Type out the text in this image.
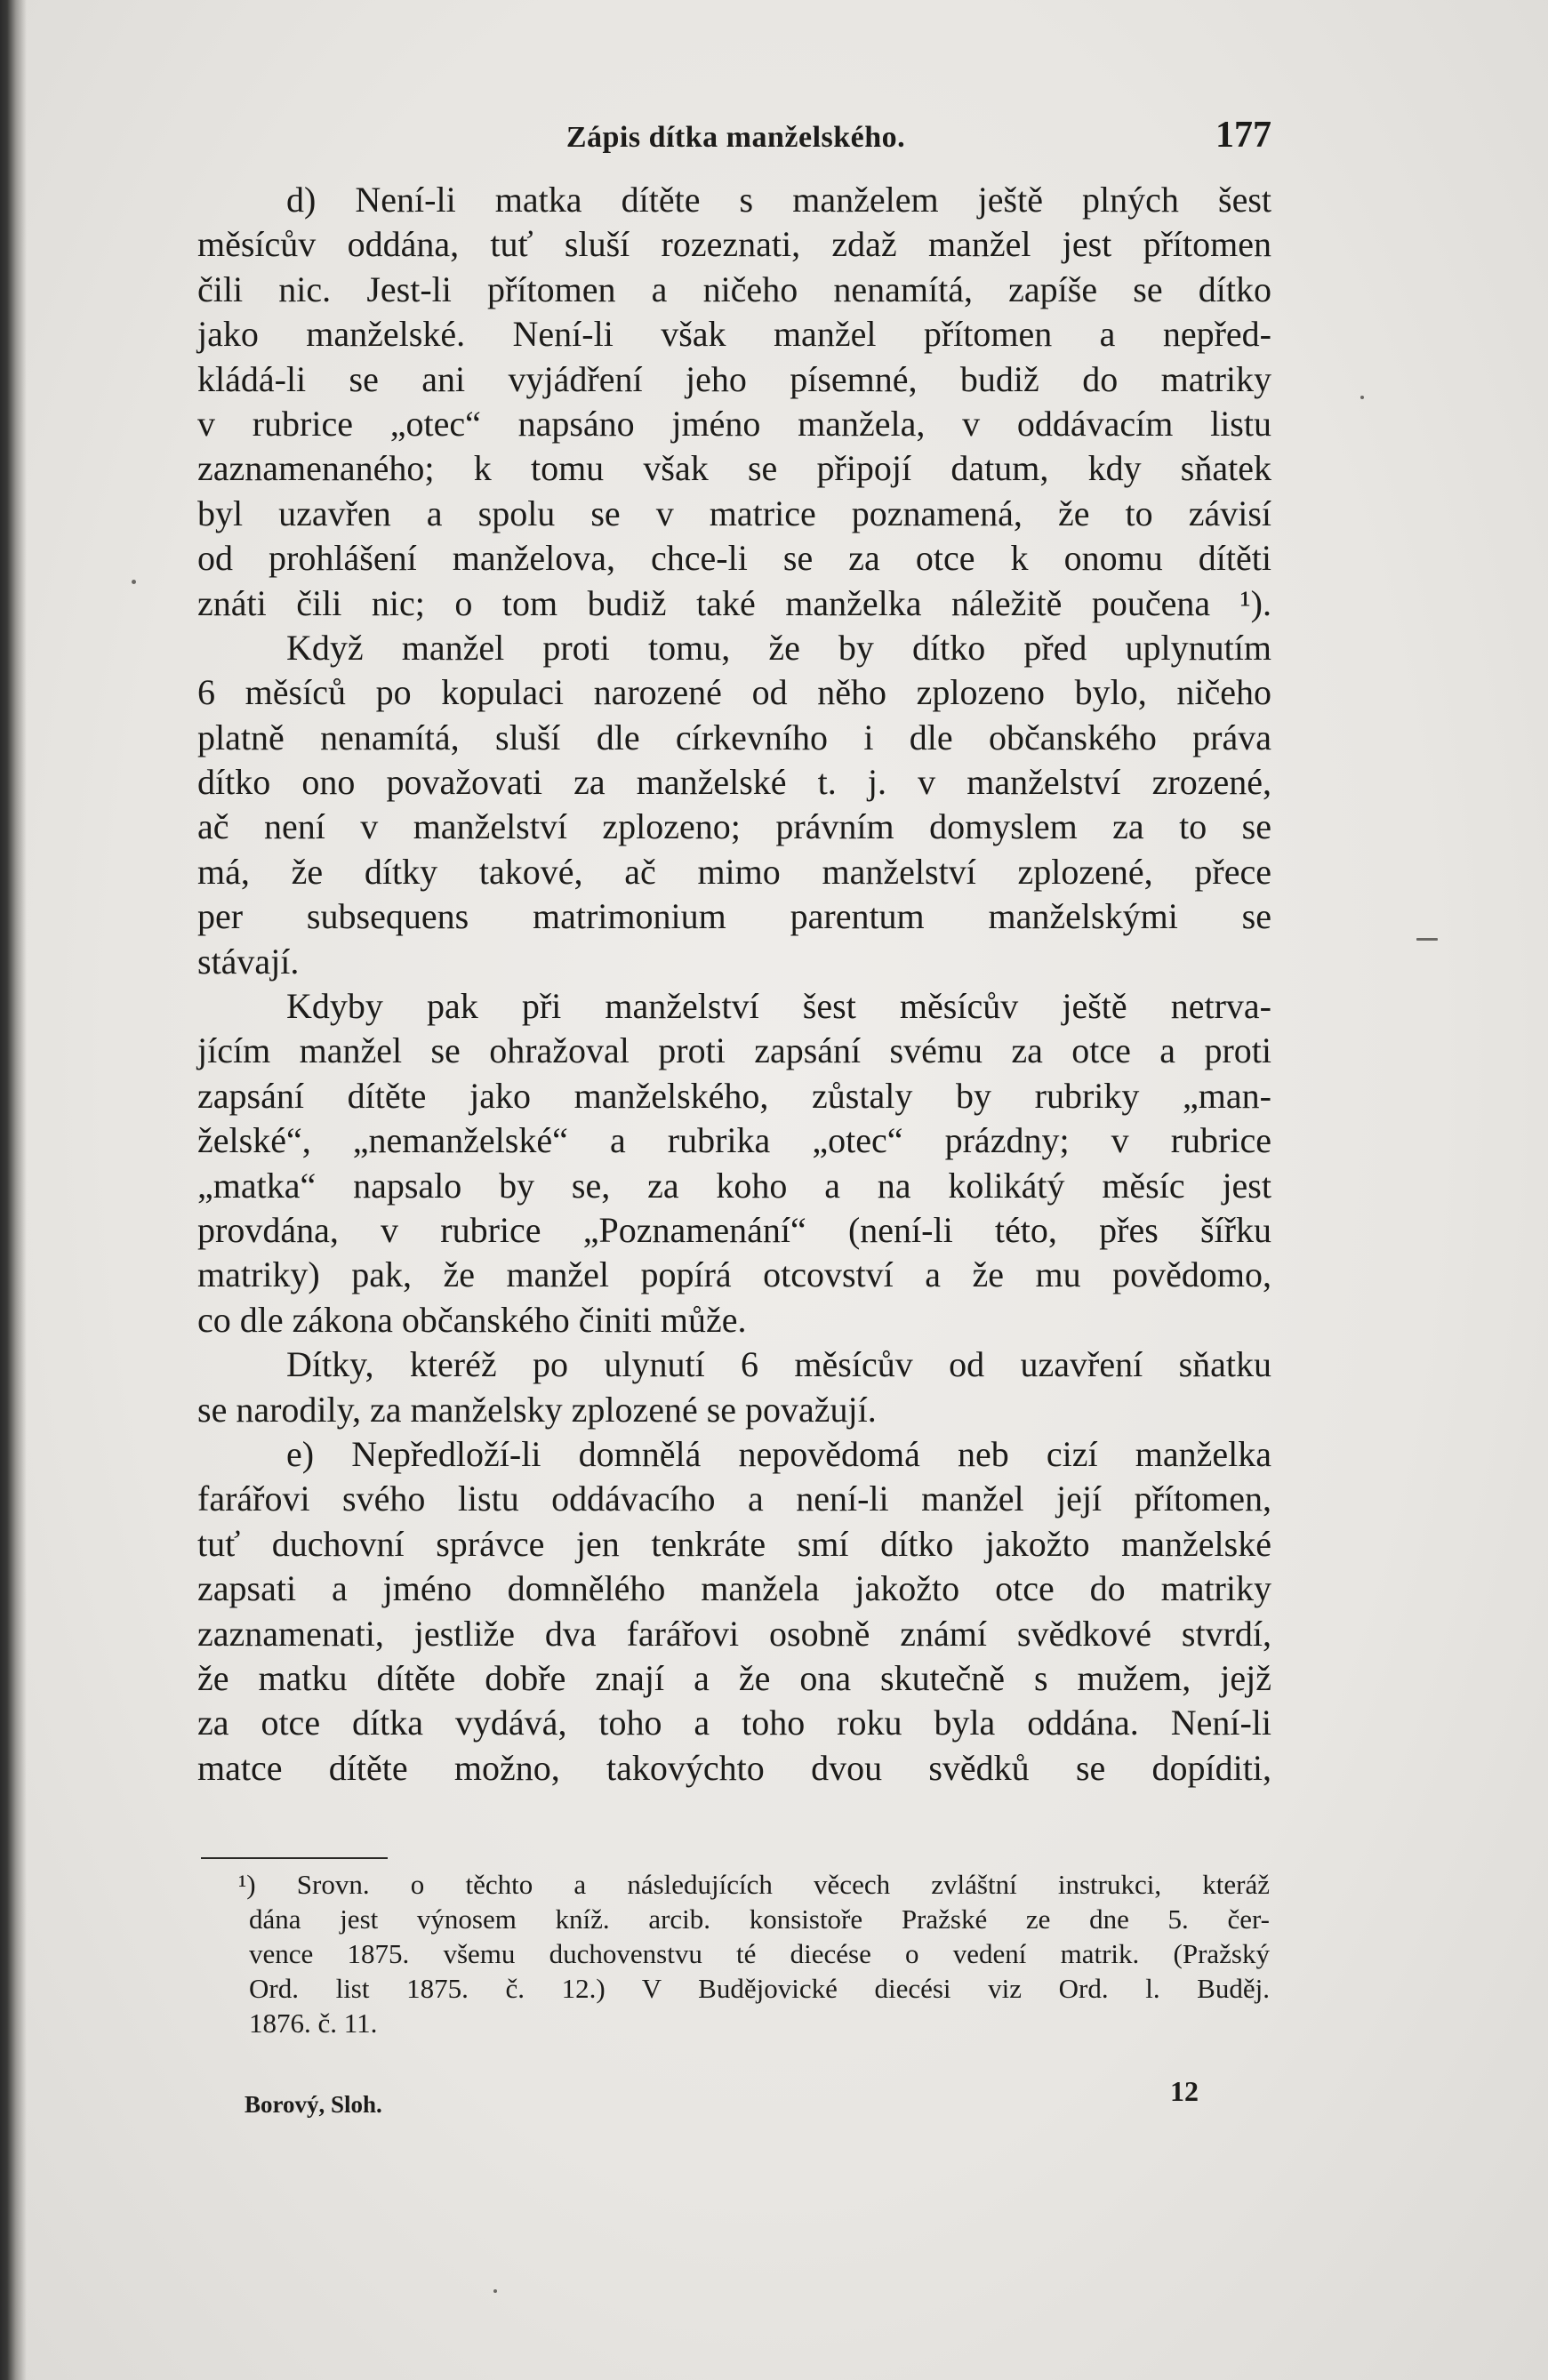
Zápis dítka manželského.	177
d) Není-li matka dítěte s manželem ještě plných šest
měsícův oddána, tuť sluší rozeznati, zdaž manžel jest přítomen
čili nic. Jest-li přítomen a ničeho nenamítá, zapíše se dítko
jako manželské. Není-li však manžel přítomen a nepřed-
kládá-li se ani vyjádření jeho písemné, budiž do matriky
v rubrice „otec“ napsáno jméno manžela, v oddávacím listu
zaznamenaného; k tomu však se připojí datum, kdy sňatek
byl uzavřen a spolu se v matrice poznamená, že to závisí
od prohlášení manželova, chce-li se za otce k onomu dítěti
znáti čili nic; o tom budiž také manželka náležitě poučena ¹).
Když manžel proti tomu, že by dítko před uplynutím
6 měsíců po kopulaci narozené od něho zplozeno bylo, ničeho
platně nenamítá, sluší dle církevního i dle občanského práva
dítko ono považovati za manželské t. j. v manželství zrozené,
ač není v manželství zplozeno; právním domyslem za to se
má, že dítky takové, ač mimo manželství zplozené, přece
per subsequens matrimonium parentum manželskými se
stávají.
Kdyby pak při manželství šest měsícův ještě netrva-
jícím manžel se ohražoval proti zapsání svému za otce a proti
zapsání dítěte jako manželského, zůstaly by rubriky „man-
želské“, „nemanželské“ a rubrika „otec“ prázdny; v rubrice
„matka“ napsalo by se, za koho a na kolikátý měsíc jest
provdána, v rubrice „Poznamenání“ (není-li této, přes šířku
matriky) pak, že manžel popírá otcovství a že mu povědomo,
co dle zákona občanského činiti může.
Dítky, kteréž po ulynutí 6 měsícův od uzavření sňatku
se narodily, za manželsky zplozené se považují.
e) Nepředloží-li domnělá nepovědomá neb cizí manželka
farářovi svého listu oddávacího a není-li manžel její přítomen,
tuť duchovní správce jen tenkráte smí dítko jakožto manželské
zapsati a jméno domnělého manžela jakožto otce do matriky
zaznamenati, jestliže dva farářovi osobně známí svědkové stvrdí,
že matku dítěte dobře znají a že ona skutečně s mužem, jejž
za otce dítka vydává, toho a toho roku byla oddána. Není-li
matce dítěte možno, takovýchto dvou svědků se dopíditi,
¹) Srovn. o těchto a následujících věcech zvláštní instrukci, kteráž
dána jest výnosem kníž. arcib. konsistoře Pražské ze dne 5. čer-
vence 1875. všemu duchovenstvu té diecése o vedení matrik. (Pražský
Ord. list 1875. č. 12.) V Budějovické diecési viz Ord. l. Buděj.
1876. č. 11.
Borový, Sloh.	12
